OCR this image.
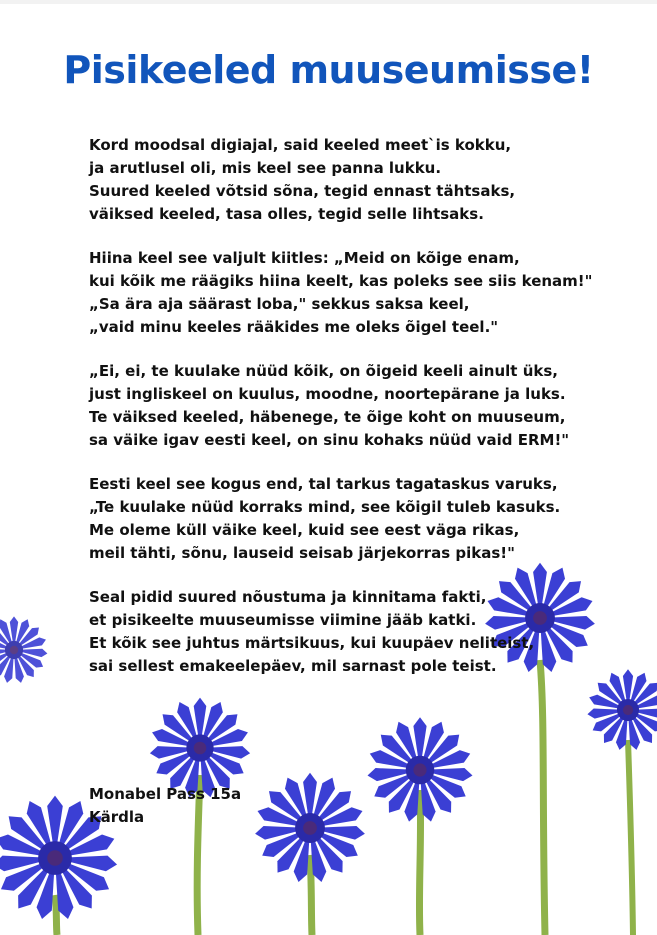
Pisikeeled muuseumisse!
Kord moodsal digiajal, said keeled meet`is kokku,
ja arutlusel oli, mis keel see panna lukku.
Suured keeled võtsid sõna, tegid ennast tähtsaks,
väiksed keeled, tasa olles, tegid selle lihtsaks.
Hiina keel see valjult kiitles: „Meid on kõige enam,
kui kõik me räägiks hiina keelt, kas poleks see siis kenam!"
„Sa ära aja säärast loba," sekkus saksa keel,
„vaid minu keeles rääkides me oleks õigel teel."
„Ei, ei, te kuulake nüüd kõik, on õigeid keeli ainult üks,
just ingliskeel on kuulus, moodne, noortepärane ja luks.
Te väiksed keeled, häbenege, te õige koht on muuseum,
sa väike igav eesti keel, on sinu kohaks nüüd vaid ERM!"
Eesti keel see kogus end, tal tarkus tagataskus varuks,
„Te kuulake nüüd korraks mind, see kõigil tuleb kasuks.
Me oleme küll väike keel, kuid see eest väga rikas,
meil tähti, sõnu, lauseid seisab järjekorras pikas!"
Seal pidid suured nõustuma ja kinnitama fakti,
et pisikeelte muuseumisse viimine jääb katki.
Et kõik see juhtus märtsikuus, kui kuupäev neliteist,
sai sellest emakeelepäev, mil sarnast pole teist.
Monabel Pass 15a
Kärdla
